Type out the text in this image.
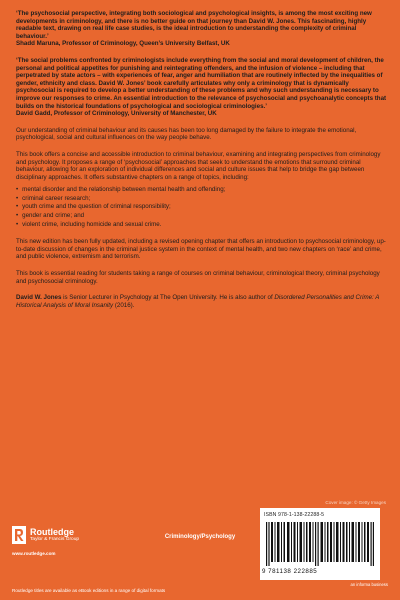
‘The psychosocial perspective, integrating both sociological and psychological insights, is among the most exciting new developments in criminology, and there is no better guide on that journey than David W. Jones. This fascinating, highly readable text, drawing on real life case studies, is the ideal introduction to understanding the complexity of criminal behaviour.’
Shadd Maruna, Professor of Criminology, Queen’s University Belfast, UK

‘The social problems confronted by criminologists include everything from the social and moral development of children, the personal and political appetites for punishing and reintegrating offenders, and the infusion of violence – including that perpetrated by state actors – with experiences of fear, anger and humiliation that are routinely inflected by the inequalities of gender, ethnicity and class. David W. Jones’ book carefully articulates why only a criminology that is dynamically psychosocial is required to develop a better understanding of these problems and why such understanding is necessary to improve our responses to crime. An essential introduction to the relevance of psychosocial and psychoanalytic concepts that builds on the historical foundations of psychological and sociological criminologies.’
David Gadd, Professor of Criminology, University of Manchester, UK

Our understanding of criminal behaviour and its causes has been too long damaged by the failure to integrate the emotional, psychological, social and cultural influences on the way people behave.

This book offers a concise and accessible introduction to criminal behaviour, examining and integrating perspectives from criminology and psychology. It proposes a range of ‘psychosocial’ approaches that seek to understand the emotions that surround criminal behaviour, allowing for an exploration of individual differences and social and culture issues that help to bridge the gap between disciplinary approaches. It offers substantive chapters on a range of topics, including:

• mental disorder and the relationship between mental health and offending;
• criminal career research;
• youth crime and the question of criminal responsibility;
• gender and crime; and
• violent crime, including homicide and sexual crime.

This new edition has been fully updated, including a revised opening chapter that offers an introduction to psychosocial criminology, up-to-date discussion of changes in the criminal justice system in the context of mental health, and two new chapters on ‘race’ and crime, and public violence, extremism and terrorism.

This book is essential reading for students taking a range of courses on criminal behaviour, criminological theory, criminal psychology and psychosocial criminology.

David W. Jones is Senior Lecturer in Psychology at The Open University. He is also author of Disordered Personalities and Crime: A Historical Analysis of Moral Insanity (2016).

Cover image: © Getty Images
Routledge
Taylor & Francis Group
www.routledge.com
Criminology/Psychology
ISBN 978-1-138-22288-5
9 781138 222885
an informa business
Routledge titles are available as eBook editions in a range of digital formats
